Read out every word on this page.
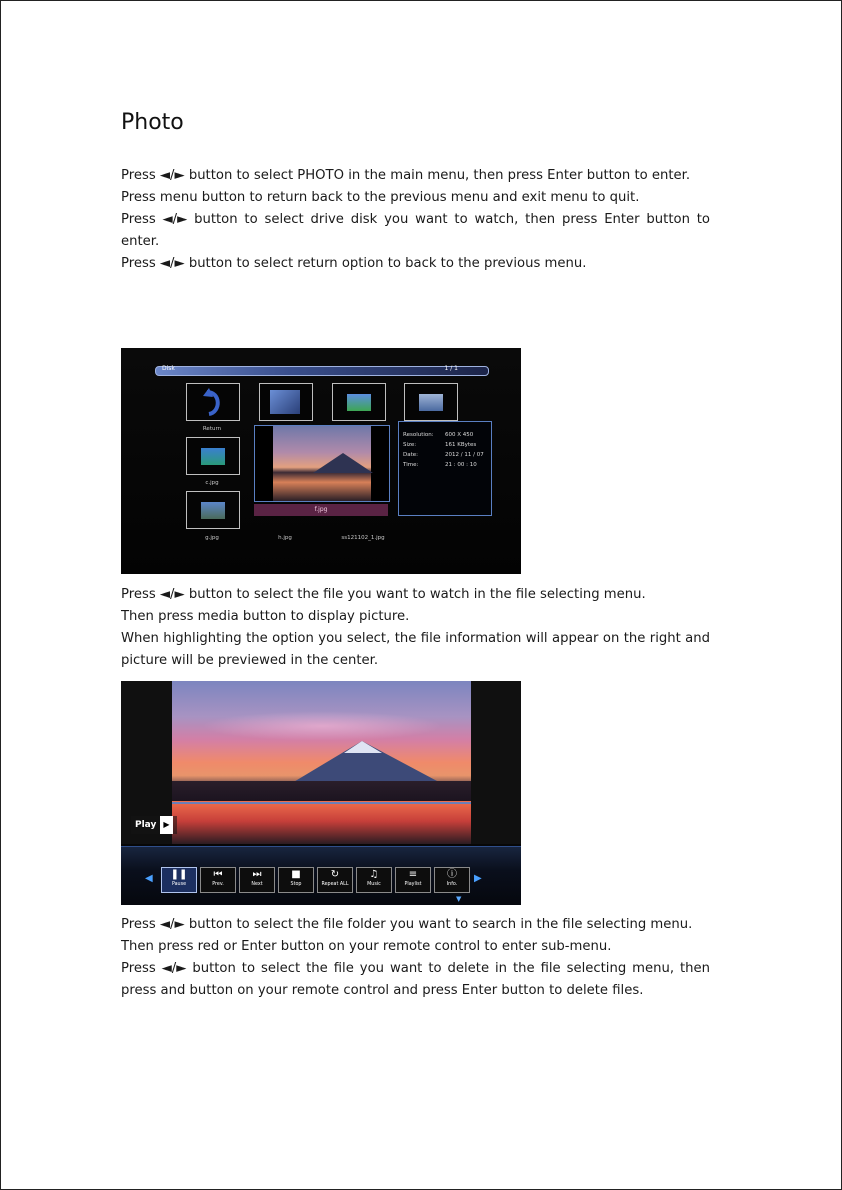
Photo

Press ◄/► button to select PHOTO in the main menu, then press Enter button to enter.

Press menu button to return back to the previous menu and exit menu to quit.

Press ◄/► button to select drive disk you want to watch, then press Enter button to enter.

Press ◄/► button to select return option to back to the previous menu.

Disk	1 / 1
Return
c.jpg
g.jpg	h.jpg	ss121102_1.jpg
f.jpg
Resolution: 600 X 450
Size:	161 KBytes
Date:	2012 / 11 / 07
Time:	21 : 00 : 10

Press ◄/► button to select the file you want to watch in the file selecting menu.

Then press media button to display picture.

When highlighting the option you select, the file information will appear on the right and picture will be previewed in the center.

Play ▶
◀	❚❚
Pause
⏮
Prev.
⏭
Next
■
Stop
↻
Repeat ALL
♫
Music
≡
Playlist
ⓘ
Info.
▶
▼

Press ◄/► button to select the file folder you want to search in the file selecting menu.

Then press red or Enter button on your remote control to enter sub-menu.

Press ◄/► button to select the file you want to delete in the file selecting menu, then press and button on your remote control and press Enter button to delete files.
